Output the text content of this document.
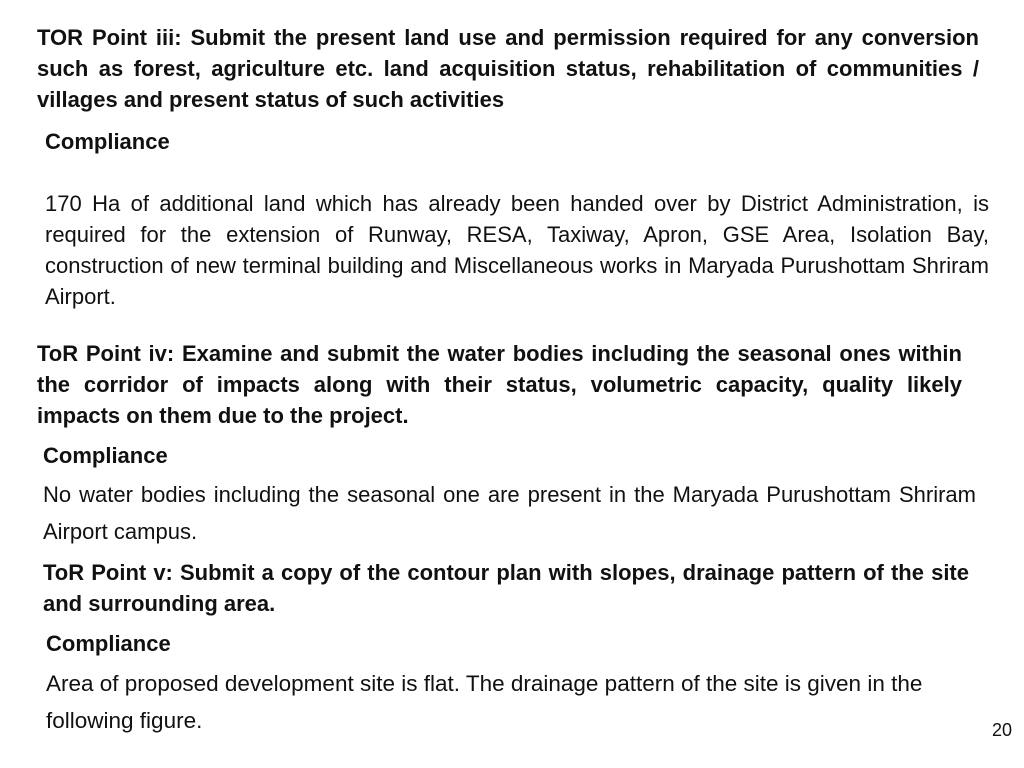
TOR Point iii: Submit the present land use and permission required for any conversion such as forest, agriculture etc. land acquisition status, rehabilitation of communities / villages and present status of such activities

Compliance

170 Ha of additional land which has already been handed over by District Administration, is required for the extension of Runway, RESA, Taxiway, Apron, GSE Area, Isolation Bay, construction of new terminal building and Miscellaneous works in Maryada Purushottam Shriram Airport.

ToR Point iv: Examine and submit the water bodies including the seasonal ones within the corridor of impacts along with their status, volumetric capacity, quality likely impacts on them due to the project.

Compliance

No water bodies including the seasonal one are present in the Maryada Purushottam Shriram Airport campus.

ToR Point v: Submit a copy of the contour plan with slopes, drainage pattern of the site and surrounding area.

Compliance

Area of proposed development site is flat. The drainage pattern of the site is given in the following figure.	20
